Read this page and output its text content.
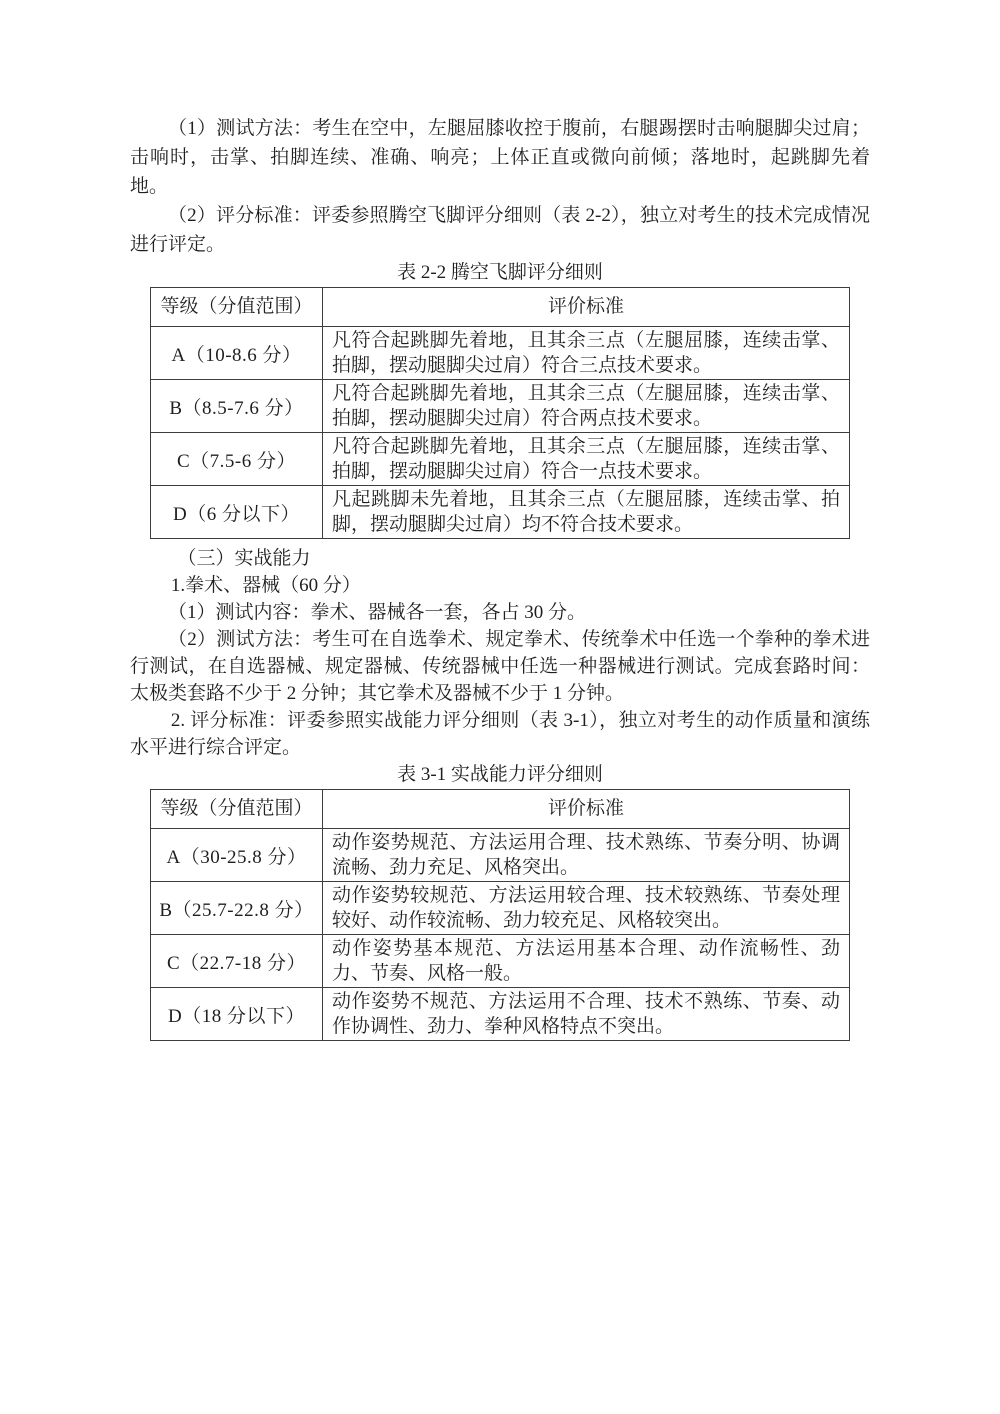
（1）测试方法：考生在空中，左腿屈膝收控于腹前，右腿踢摆时击响腿脚尖过肩；击响时，击掌、拍脚连续、准确、响亮；上体正直或微向前倾；落地时，起跳脚先着地。

（2）评分标准：评委参照腾空飞脚评分细则（表 2-2），独立对考生的技术完成情况进行评定。

表 2-2 腾空飞脚评分细则
等级（分值范围）	评价标准
A（10-8.6 分）	凡符合起跳脚先着地，且其余三点（左腿屈膝，连续击掌、拍脚，摆动腿脚尖过肩）符合三点技术要求。
B（8.5-7.6 分）	凡符合起跳脚先着地，且其余三点（左腿屈膝，连续击掌、拍脚，摆动腿脚尖过肩）符合两点技术要求。
C（7.5-6 分）	凡符合起跳脚先着地，且其余三点（左腿屈膝，连续击掌、拍脚，摆动腿脚尖过肩）符合一点技术要求。
D（6 分以下）	凡起跳脚未先着地，且其余三点（左腿屈膝，连续击掌、拍脚，摆动腿脚尖过肩）均不符合技术要求。

（三）实战能力

1.拳术、器械（60 分）

（1）测试内容：拳术、器械各一套，各占 30 分。

（2）测试方法：考生可在自选拳术、规定拳术、传统拳术中任选一个拳种的拳术进行测试，在自选器械、规定器械、传统器械中任选一种器械进行测试。完成套路时间：太极类套路不少于 2 分钟；其它拳术及器械不少于 1 分钟。

2. 评分标准：评委参照实战能力评分细则（表 3-1），独立对考生的动作质量和演练水平进行综合评定。

表 3-1 实战能力评分细则
等级（分值范围）	评价标准
A（30-25.8 分）	动作姿势规范、方法运用合理、技术熟练、节奏分明、协调流畅、劲力充足、风格突出。
B（25.7-22.8 分）	动作姿势较规范、方法运用较合理、技术较熟练、节奏处理较好、动作较流畅、劲力较充足、风格较突出。
C（22.7-18 分）	动作姿势基本规范、方法运用基本合理、动作流畅性、劲力、节奏、风格一般。
D（18 分以下）	动作姿势不规范、方法运用不合理、技术不熟练、节奏、动作协调性、劲力、拳种风格特点不突出。
